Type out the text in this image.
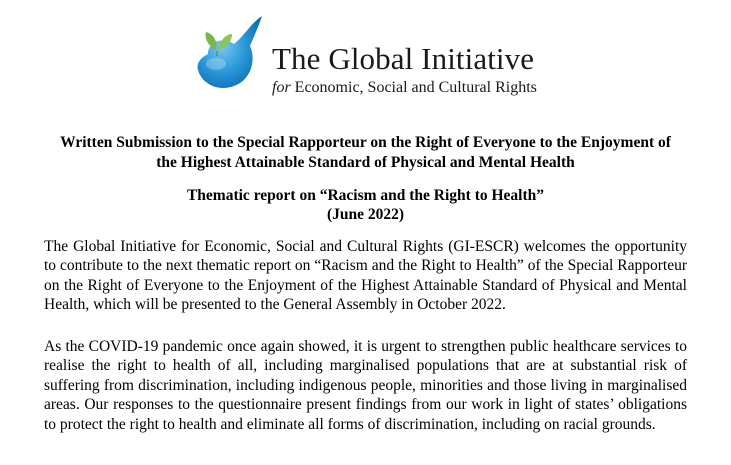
The Global Initiative
for Economic, Social and Cultural Rights
Written Submission to the Special Rapporteur on the Right of Everyone to the Enjoyment of
the Highest Attainable Standard of Physical and Mental Health
Thematic report on “Racism and the Right to Health”
(June 2022)

The Global Initiative for Economic, Social and Cultural Rights (GI-ESCR) welcomes the opportunity to contribute to the next thematic report on “Racism and the Right to Health” of the Special Rapporteur on the Right of Everyone to the Enjoyment of the Highest Attainable Standard of Physical and Mental Health, which will be presented to the General Assembly in October 2022.

As the COVID-19 pandemic once again showed, it is urgent to strengthen public healthcare services to realise the right to health of all, including marginalised populations that are at substantial risk of suffering from discrimination, including indigenous people, minorities and those living in marginalised areas. Our responses to the questionnaire present findings from our work in light of states’ obligations to protect the right to health and eliminate all forms of discrimination, including on racial grounds.
